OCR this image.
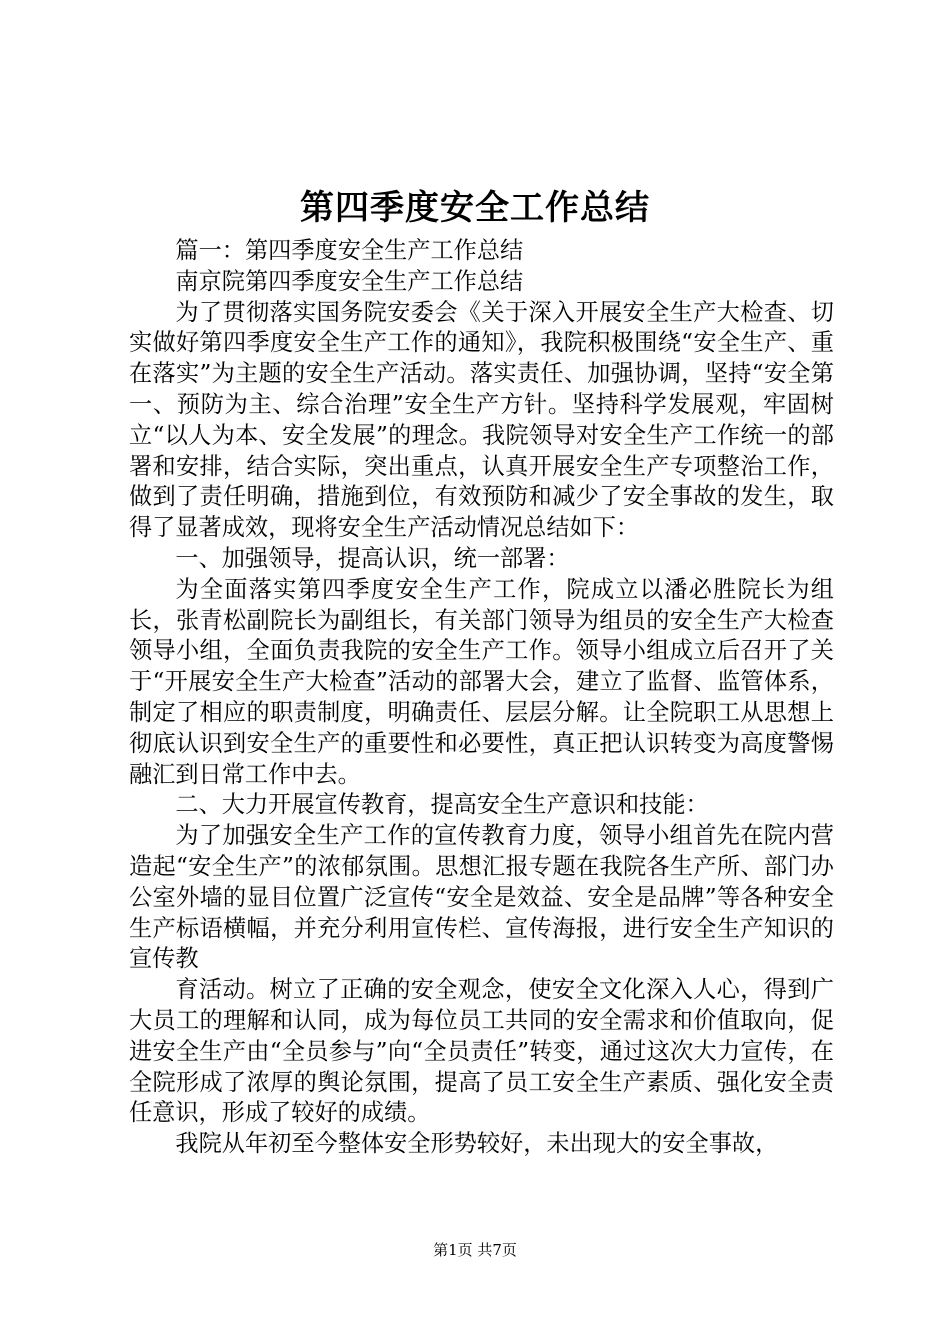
第四季度安全工作总结

篇一：第四季度安全生产工作总结

南京院第四季度安全生产工作总结

为了贯彻落实国务院安委会《关于深入开展安全生产大检查、切实做好第四季度安全生产工作的通知》，我院积极围绕“安全生产、重在落实”为主题的安全生产活动。落实责任、加强协调，坚持“安全第一、预防为主、综合治理”安全生产方针。坚持科学发展观，牢固树立“以人为本、安全发展”的理念。我院领导对安全生产工作统一的部署和安排，结合实际，突出重点，认真开展安全生产专项整治工作，做到了责任明确，措施到位，有效预防和减少了安全事故的发生，取得了显著成效，现将安全生产活动情况总结如下：

一、加强领导，提高认识，统一部署：

为全面落实第四季度安全生产工作，院成立以潘必胜院长为组长，张青松副院长为副组长，有关部门领导为组员的安全生产大检查领导小组，全面负责我院的安全生产工作。领导小组成立后召开了关于“开展安全生产大检查”活动的部署大会，建立了监督、监管体系，制定了相应的职责制度，明确责任、层层分解。让全院职工从思想上彻底认识到安全生产的重要性和必要性，真正把认识转变为高度警惕融汇到日常工作中去。

二、大力开展宣传教育，提高安全生产意识和技能：

为了加强安全生产工作的宣传教育力度，领导小组首先在院内营造起“安全生产”的浓郁氛围。思想汇报专题在我院各生产所、部门办公室外墙的显目位置广泛宣传“安全是效益、安全是品牌”等各种安全生产标语横幅，并充分利用宣传栏、宣传海报，进行安全生产知识的宣传教

育活动。树立了正确的安全观念，使安全文化深入人心，得到广大员工的理解和认同，成为每位员工共同的安全需求和价值取向，促进安全生产由“全员参与”向“全员责任”转变，通过这次大力宣传，在全院形成了浓厚的舆论氛围，提高了员工安全生产素质、强化安全责任意识，形成了较好的成绩。

我院从年初至今整体安全形势较好，未出现大的安全事故，

第1页 共7页
